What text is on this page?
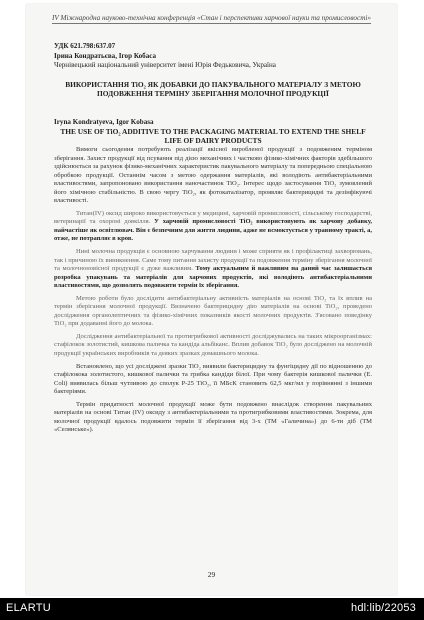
IV Міжнародна науково-технічна конференція «Стан і перспективи харчової науки та промисловості»
УДК 621.798:637.07
Ірина Кондратьєва, Ігор Кобаса
Чернівецький національний університет імені Юрія Федьковича, Україна
ВИКОРИСТАННЯ TiO₂ ЯК ДОБАВКИ ДО ПАКУВАЛЬНОГО МАТЕРІАЛУ З МЕТОЮ ПОДОВЖЕННЯ ТЕРМІНУ ЗБЕРІГАННЯ МОЛОЧНОЇ ПРОДУКЦІЇ
Iryna Kondratyeva, Igor Kobasa
THE USE OF TiO₂ ADDITIVE TO THE PACKAGING MATERIAL TO EXTEND THE SHELF LIFE OF DAIRY PRODUCTS

Вимоги сьогодення потребують реалізації якісної виробленої продукції з подовженим терміном зберігання. Захист продукції від псування під дією механічних і частково фізико-хімічних факторів здебільшого здійснюється за рахунок фізико-механічних характеристик пакувального матеріалу та попередньою спеціальною обробкою продукції. Останнім часом з метою одержання матеріалів, які володіють антибактеріальними властивостями, запропоновано використання наночастинок TiO₂. Інтерес щодо застосування TiO₂ зумовлений його хімічною стабільністю. В свою чергу TiO₂, як фотокаталізатор, проявляє бактерицидні та дезінфікуючі властивості.

Титан(IV) оксид широко використовується у медицині, харчовій промисловості, сільському господарстві, ветеринарії та охороні довкілля. У харчовій промисловості TiO₂ використовують як харчову добавку, найчастіше як освітлювач. Він є безпечним для життя людини, адже не всмоктується у травному тракті, а, отже, не потрапляє в кров.

Нині молочна продукція є основною харчування людини і може сприяти як і профілактиці захворювань, так і причиною їх виникнення. Саме тому питання захисту продукції та подовження терміну зберігання молочної та молочноновісної продукції є дуже важливим. Тому актуальним й важливим на даний час залишається розробка упакувань та матеріалів для харчових продуктів, які володіють антибактеріальними властивостями, що дозволять подовжити термін їх зберігання.

Метою роботи було дослідити антибактеріальну активність матеріалів на основі TiO₂ та їх вплив на термін зберігання молочної продукції. Визначено бактерицидну дію матеріалів на основі TiO₂, проведено дослідження органолептичних та фізико-хімічних показників якості молочних продуктів. З'ясовано поведінку TiO₂ при додаванні його до молока.

Дослідження антибактеріальної та протигрибкової активності досліджувались на таких мікроорганізмах: стафілокок золотистий, кишкова паличка та кандіда альбіканс. Вплив добавок TiO₂ було досліджено на молочній продукції українських виробників та деяких зразках домашнього молока.

Встановлено, що усі досліджені зразки TiO₂ виявили бактерицидну та фунгіцидну дії по відношенню до стафілокока золотистого, кишкової палички та грибка кандіди білої. При чому бактерія кишкової палички (E. Coli) виявилась більш чутливою до сполук Р-25 TiO₂, її МБсК становить 62,5 мкг/мл у порівнянні з іншими бактеріями.

Термін придатності молочної продукції може бути подовжено внаслідок створення пакувальних матеріалів на основі Титан (IV) оксиду з антибактеріальними та протигрибковими властивостями. Зокрема, для молочної продукції вдалось подовжити термін її зберігання від 3-х (ТМ «Галичина») до 6-ти діб (ТМ «Селянське»).

29
ELARTU	hdl:lib/22053
